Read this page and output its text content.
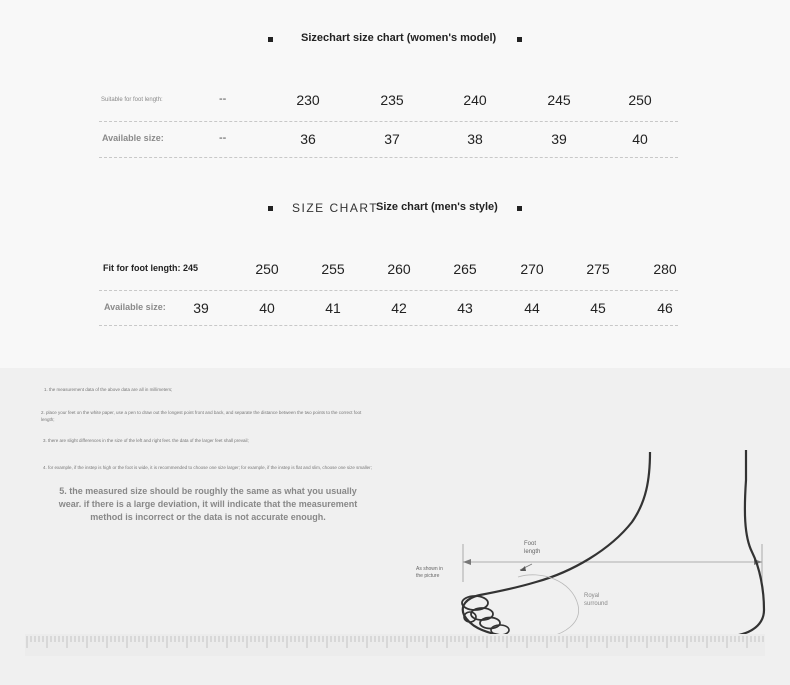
Sizechart size chart (women's model)
Suitable for foot length:	--	230	235	240	245	250
Available size:	--	36	37	38	39	40
SIZE CHART
Size chart (men's style)
Fit for foot length: 245	250	255	260	265	270	275	280
Available size: 39	40	41	42	43	44	45	46
1. the measurement data of the above data are all in millimeters;
2. place your feet on the white paper, use a pen to draw out the longest point front and back, and separate the distance between the two points to the correct foot
length;
3. there are slight differences in the size of the left and right feet. the data of the larger feet shall prevail;
4. for example, if the instep is high or the foot is wide, it is recommended to choose one size larger; for example, if the instep is flat and slim, choose one size smaller;
5. the measured size should be roughly the same as what you usually
wear. if there is a large deviation, it will indicate that the measurement
method is incorrect or the data is not accurate enough.
Foot
length
As shown in
the picture
Royal
surround
